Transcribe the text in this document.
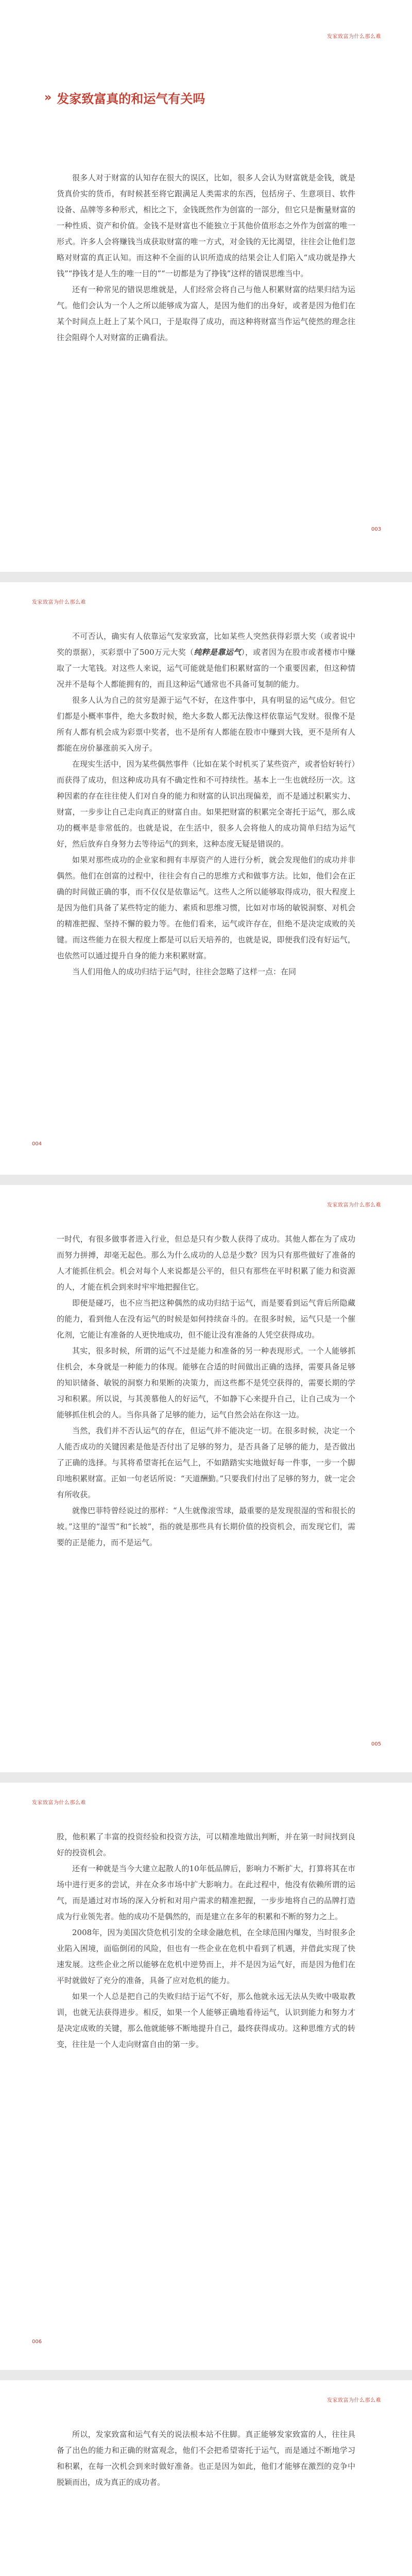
发家致富为什么那么难
» 发家致富真的和运气有关吗

很多人对于财富的认知存在很大的误区，比如，很多人会认为财富就是金钱，就是货真价实的货币，有时候甚至将它跟满足人类需求的东西，包括房子、生意项目、软件设备、品牌等多种形式，相比之下，金钱既然作为创富的一部分，但它只是衡量财富的一种性质、资产和价值。金钱不是财富也不能独立于其他价值形态之外作为创富的唯一形式。许多人会将赚钱当成获取财富的唯一方式，对金钱的无比渴望，往往会让他们忽略对财富的真正认知。而这种不全面的认识所造成的结果会让人们陷入“成功就是挣大钱”“挣钱才是人生的唯一目的”“一切都是为了挣钱”这样的错误思维当中。

还有一种常见的错误思维就是，人们经常会将自己与他人积累财富的结果归结为运气。他们会认为一个人之所以能够成为富人，是因为他们的出身好，或者是因为他们在某个时间点上赶上了某个风口，于是取得了成功，而这种将财富当作运气使然的理念往往会阻碍个人对财富的正确看法。

003
发家致富为什么那么难

不可否认，确实有人依靠运气发家致富，比如某些人突然获得彩票大奖（或者说中奖的票据），买彩票中了500万元大奖（纯粹是靠运气），或者因为在股市或者楼市中赚取了一大笔钱。对这些人来说，运气可能就是他们积累财富的一个重要因素，但这种情况并不是每个人都能拥有的，而且这种运气通常也不具备可复制的能力。

很多人认为自己的贫穷是源于运气不好，在这件事中，具有明显的运气成分。但它们都是小概率事件，绝大多数时候，绝大多数人都无法像这样依靠运气发财。很像不是所有人都有机会成为彩票中奖者，也不是所有人都能在股市中赚到大钱，更不是所有人都能在房价暴涨前买入房子。

在现实生活中，因为某些偶然事件（比如在某个时机买了某些资产，或者恰好转行）而获得了成功，但这种成功具有不确定性和不可持续性。基本上一生也就经历一次。这种因素的存在往往使人们对自身的能力和财富的认识出现偏差，而不是通过积累实力、财富，一步步让自己走向真正的财富自由。如果把财富的积累完全寄托于运气，那么成功的概率是非常低的。也就是说，在生活中，很多人会将他人的成功简单归结为运气好，然后放弃自身努力去等待运气的到来，这种态度无疑是错误的。

如果对那些成功的企业家和拥有丰厚资产的人进行分析，就会发现他们的成功并非偶然。他们在创富的过程中，往往会有自己的思维方式和做事方法。比如，他们会在正确的时间做正确的事，而不仅仅是依靠运气。这些人之所以能够取得成功，很大程度上是因为他们具备了某些特定的能力、素质和思维习惯，比如对市场的敏锐洞察、对机会的精准把握、坚持不懈的毅力等。在他们看来，运气或许存在，但绝不是决定成败的关键。而这些能力在很大程度上都是可以后天培养的，也就是说，即便我们没有好运气，也依然可以通过提升自身的能力来积累财富。

当人们用他人的成功归结于运气时，往往会忽略了这样一点：在同

004
发家致富为什么那么难

一时代，有很多做事者进入行业，但总是只有少数人获得了成功。其他人都在为了成功而努力拼搏，却毫无起色。那么为什么成功的人总是少数？因为只有那些做好了准备的人才能抓住机会。机会对每个人来说都是公平的，但只有那些在平时积累了能力和资源的人，才能在机会到来时牢牢地把握住它。

即便是碰巧，也不应当把这种偶然的成功归结于运气，而是要看到运气背后所隐藏的能力，看到他人在没有运气的时候是如何持续奋斗的。在很多时候，运气只是一个催化剂，它能让有准备的人更快地成功，但不能让没有准备的人凭空获得成功。

其实，很多时候，所谓的运气不过是能力和准备的另一种表现形式。一个人能够抓住机会，本身就是一种能力的体现。能够在合适的时间做出正确的选择，需要具备足够的知识储备、敏锐的洞察力和果断的决策力，而这些都不是凭空获得的，需要长期的学习和积累。所以说，与其羡慕他人的好运气，不如静下心来提升自己，让自己成为一个能够抓住机会的人。当你具备了足够的能力，运气自然会站在你这一边。

当然，我们并不否认运气的存在，但运气并不能决定一切。在很多时候，决定一个人能否成功的关键因素是他是否付出了足够的努力，是否具备了足够的能力，是否做出了正确的选择。与其将希望寄托在运气上，不如踏踏实实地做好每一件事，一步一个脚印地积累财富。正如一句老话所说：“天道酬勤。”只要我们付出了足够的努力，就一定会有所收获。

就像巴菲特曾经说过的那样：“人生就像滚雪球，最重要的是发现很湿的雪和很长的坡。”这里的“湿雪”和“长坡”，指的就是那些具有长期价值的投资机会，而发现它们，需要的正是能力，而不是运气。

005
发家致富为什么那么难

股，他积累了丰富的投资经验和投资方法，可以精准地做出判断，并在第一时间找到良好的投资机会。

还有一种就是当今大建立起散人的10年低品牌后，影响力不断扩大，打算将其在市场中进行更多的尝试，并在众多市场中扩大影响力。在此过程中，他没有依赖所谓的运气，而是通过对市场的深入分析和对用户需求的精准把握，一步步地将自己的品牌打造成为行业领先者。他的成功不是偶然的，而是建立在多年的积累和不断的努力之上。

2008年，因为美国次贷危机引发的全球金融危机，在全球范围内爆发，当时很多企业陷入困境，面临倒闭的风险，但也有一些企业在危机中看到了机遇，并借此实现了快速发展。这些企业之所以能够在危机中逆势而上，并不是因为运气好，而是因为他们在平时就做好了充分的准备，具备了应对危机的能力。

如果一个人总是把自己的失败归结于运气不好，那么他就永远无法从失败中吸取教训，也就无法获得进步。相反，如果一个人能够正确地看待运气，认识到能力和努力才是决定成败的关键，那么他就能够不断地提升自己，最终获得成功。这种思维方式的转变，往往是一个人走向财富自由的第一步。

006
发家致富为什么那么难

所以，发家致富和运气有关的说法根本站不住脚。真正能够发家致富的人，往往具备了出色的能力和正确的财富观念，他们不会把希望寄托于运气，而是通过不断地学习和积累，在每一次机会到来时做好准备。也正是因为如此，他们才能够在激烈的竞争中脱颖而出，成为真正的成功者。
